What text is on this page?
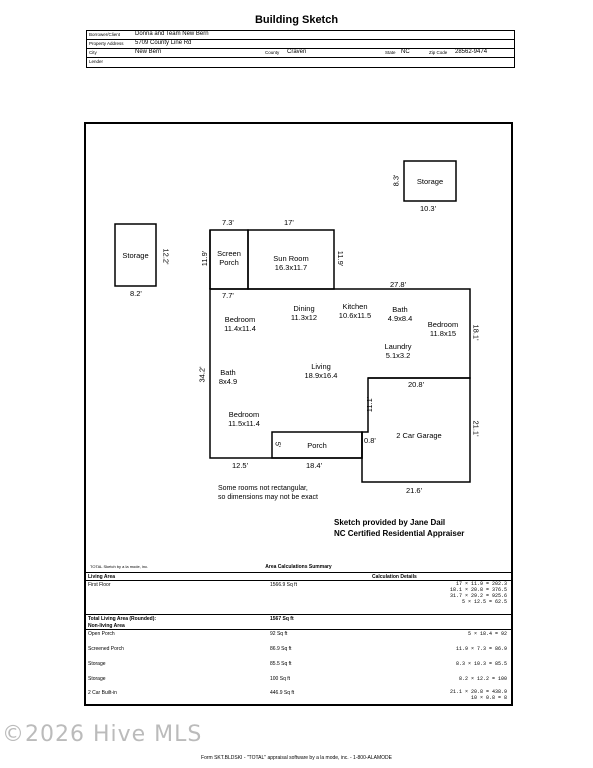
Building Sketch
Borrower/Client Donna and Team New Bern
Property Address 5709 County Line Rd
City	New Bern	County Craven	State NC	Zip Code 28562-9474
Lender
Storage
10.3'
8.3'
Storage
8.2'
12.2'
7.3'
11.9'	Screen
Porch
7.7'
17'
11.9'
Sun Room
16.3x11.7
27.8'
Bedroom
11.4x11.4
Dining
11.3x12
Kitchen
10.6x11.5
Bath
4.9x8.4
Bedroom
11.8x15	18.1'
Laundry
5.1x3.2
Living
18.9x16.4
Bath
8x4.9
34.2'
Bedroom
11.5x11.4
20.8'
21.1'
11.1'
0.8'
2 Car Garage
21.6'
Porch
5'
18.4'
12.5'
Some rooms not rectangular,
so dimensions may not be exact
Sketch provided by Jane Dail
NC Certified Residential Appraiser
TOTAL Sketch by a la mode, inc.	Area Calculations Summary
Living Area	Calculation Details
First Floor	1566.9 Sq ft	17 × 11.9 = 202.3
18.1 × 20.8 = 376.5
31.7 × 29.2 = 925.6
5 × 12.5 = 62.5
Total Living Area (Rounded):	1567 Sq ft
Non-living Area
Open Porch	92 Sq ft	5 × 18.4 = 92
Screened Porch	86.9 Sq ft	11.9 × 7.3 = 86.9
Storage	85.5 Sq ft	8.3 × 10.3 = 85.5
Storage	100 Sq ft	8.2 × 12.2 = 100
2 Car Built-in	446.9 Sq ft	21.1 × 20.8 = 438.9
10 × 0.8 = 8
©2026 Hive MLS
Form SKT.BLDSKI - "TOTAL" appraisal software by a la mode, inc. - 1-800-ALAMODE
